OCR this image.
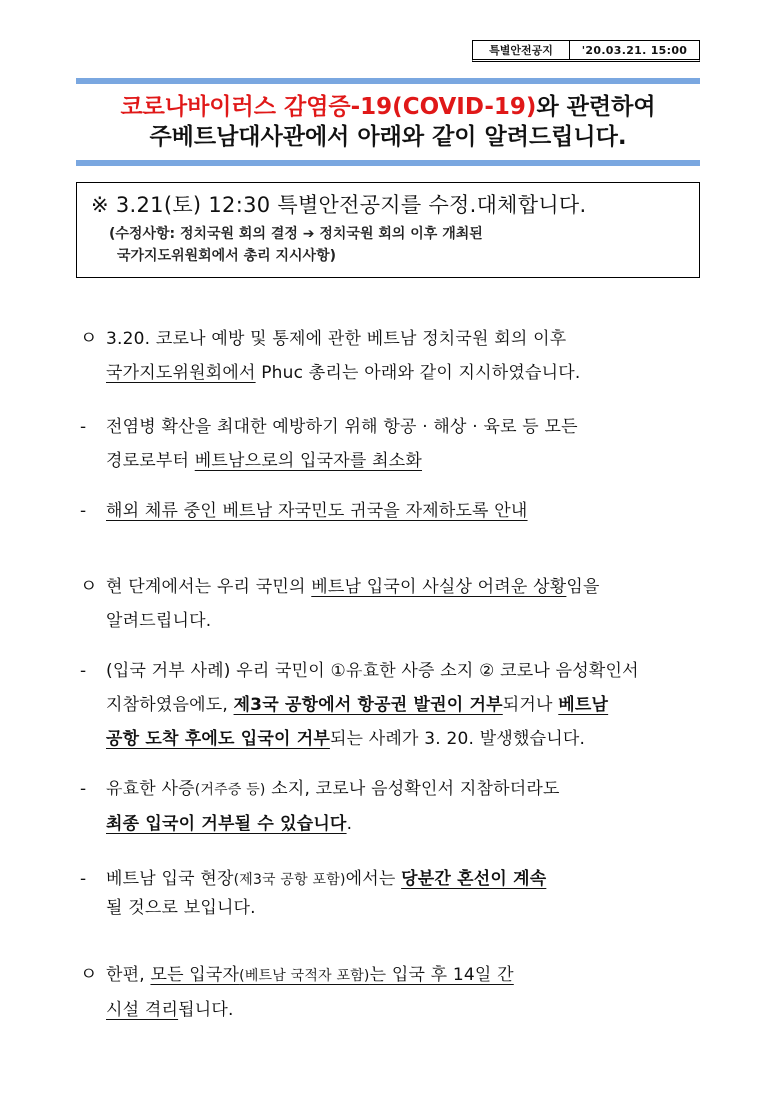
특별안전공지	'20.03.21. 15:00
코로나바이러스 감염증-19(COVID-19)와 관련하여
주베트남대사관에서 아래와 같이 알려드립니다.
※ 3.21(토) 12:30 특별안전공지를 수정.대체합니다.
(수정사항: 정치국원 회의 결정 ➔ 정치국원 회의 이후 개최된
국가지도위원회에서 총리 지시사항)
ㅇ 3.20. 코로나 예방 및 통제에 관한 베트남 정치국원 회의 이후
국가지도위원회에서 Phuc 총리는 아래와 같이 지시하였습니다.
-	전염병 확산을 최대한 예방하기 위해 항공 · 해상 · 육로 등 모든
경로로부터 베트남으로의 입국자를 최소화
-	해외 체류 중인 베트남 자국민도 귀국을 자제하도록 안내
ㅇ 현 단계에서는 우리 국민의 베트남 입국이 사실상 어려운 상황임을
알려드립니다.
-	(입국 거부 사례) 우리 국민이 ①유효한 사증 소지 ② 코로나 음성확인서
지참하였음에도, 제3국 공항에서 항공권 발권이 거부되거나 베트남
공항 도착 후에도 입국이 거부되는 사례가 3. 20. 발생했습니다.
-	유효한 사증(거주증 등) 소지, 코로나 음성확인서 지참하더라도
최종 입국이 거부될 수 있습니다.
-	베트남 입국 현장(제3국 공항 포함)에서는 당분간 혼선이 계속
될 것으로 보입니다.
ㅇ 한편, 모든 입국자(베트남 국적자 포함)는 입국 후 14일 간
시설 격리됩니다.
